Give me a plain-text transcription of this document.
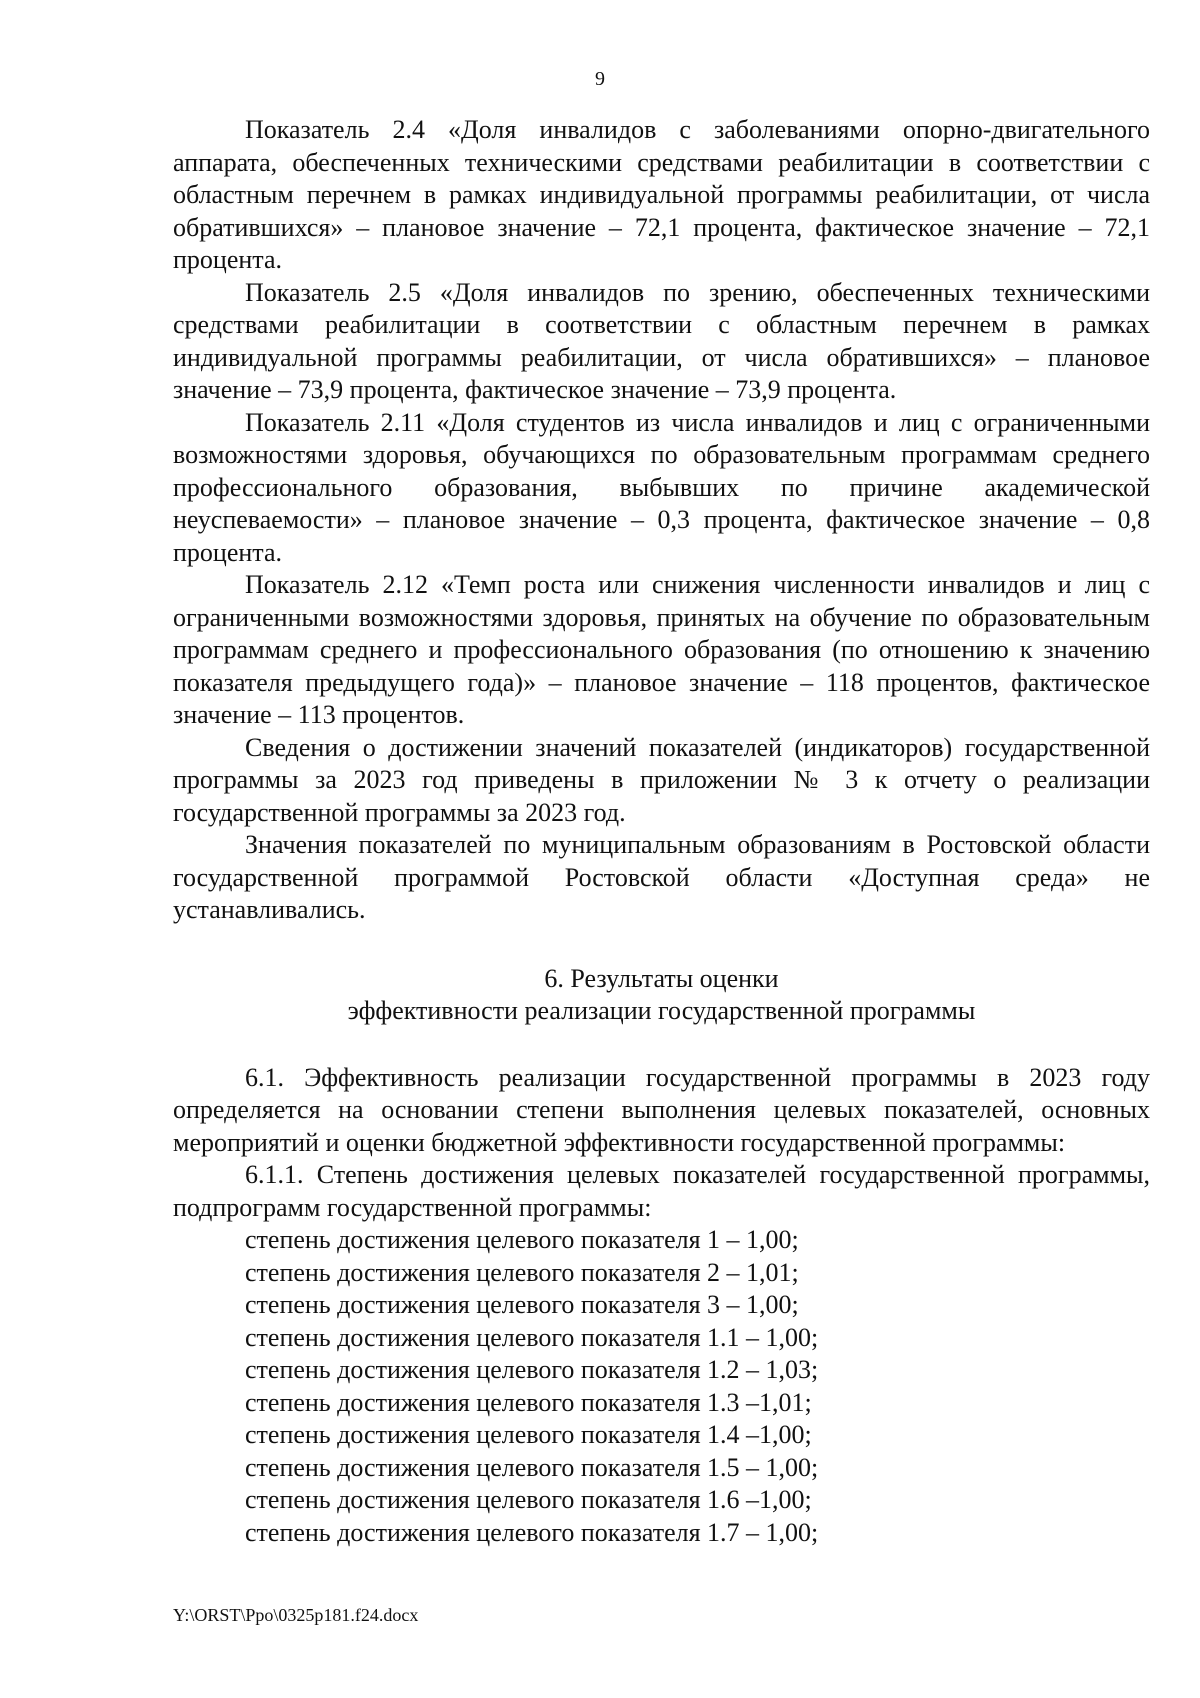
9

Показатель 2.4 «Доля инвалидов с заболеваниями опорно-двигательного аппарата, обеспеченных техническими средствами реабилитации в соответствии с областным перечнем в рамках индивидуальной программы реабилитации, от числа обратившихся» – плановое значение – 72,1 процента, фактическое значение – 72,1 процента.

Показатель 2.5 «Доля инвалидов по зрению, обеспеченных техническими средствами реабилитации в соответствии с областным перечнем в рамках индивидуальной программы реабилитации, от числа обратившихся» – плановое значение – 73,9 процента, фактическое значение – 73,9 процента.

Показатель 2.11 «Доля студентов из числа инвалидов и лиц с ограниченными возможностями здоровья, обучающихся по образовательным программам среднего профессионального образования, выбывших по причине академической неуспеваемости» – плановое значение – 0,3 процента, фактическое значение – 0,8 процента.

Показатель 2.12 «Темп роста или снижения численности инвалидов и лиц с ограниченными возможностями здоровья, принятых на обучение по образовательным программам среднего и профессионального образования (по отношению к значению показателя предыдущего года)» – плановое значение – 118 процентов, фактическое значение – 113 процентов.

Сведения о достижении значений показателей (индикаторов) государственной программы за 2023 год приведены в приложении № 3 к отчету о реализации государственной программы за 2023 год.

Значения показателей по муниципальным образованиям в Ростовской области государственной программой Ростовской области «Доступная среда» не устанавливались.

6. Результаты оценки
эффективности реализации государственной программы

6.1. Эффективность реализации государственной программы в 2023 году определяется на основании степени выполнения целевых показателей, основных мероприятий и оценки бюджетной эффективности государственной программы:

6.1.1. Степень достижения целевых показателей государственной программы, подпрограмм государственной программы:

степень достижения целевого показателя 1 – 1,00;
степень достижения целевого показателя 2 – 1,01;
степень достижения целевого показателя 3 – 1,00;
степень достижения целевого показателя 1.1 – 1,00;
степень достижения целевого показателя 1.2 – 1,03;
степень достижения целевого показателя 1.3 –1,01;
степень достижения целевого показателя 1.4 –1,00;
степень достижения целевого показателя 1.5 – 1,00;
степень достижения целевого показателя 1.6 –1,00;
степень достижения целевого показателя 1.7 – 1,00;
Y:\ORST\Ppo\0325p181.f24.docx
